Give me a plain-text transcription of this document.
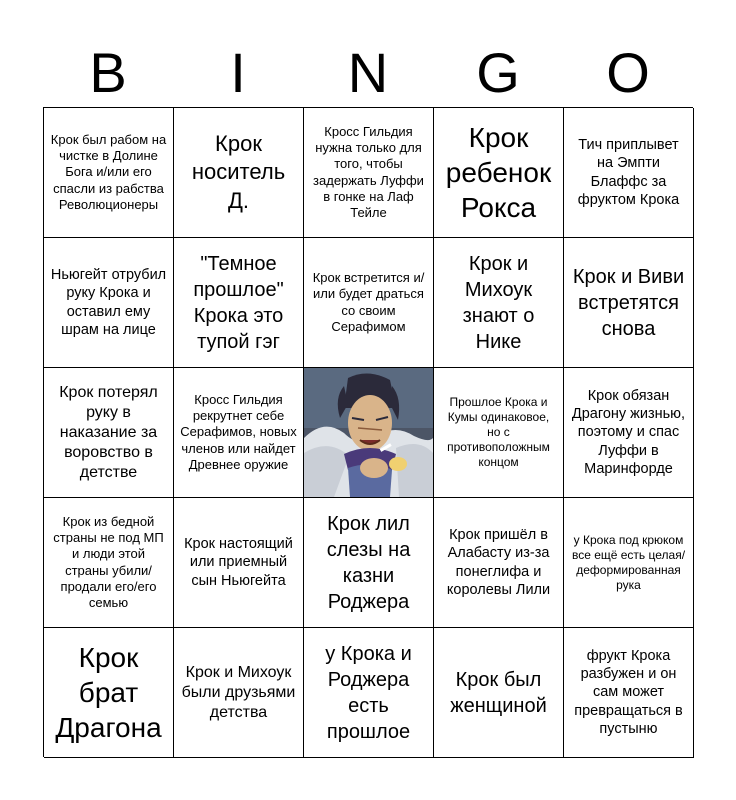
B	I	N	G	O
Крок был рабом на чистке в Долине Бога и/или его спасли из рабства Революционеры
Крок носитель Д.
Кросс Гильдия нужна только для того, чтобы задержать Луффи в гонке на Лаф Тейле
Крок ребенок Рокса
Тич приплывет на Эмпти Блаффс за фруктом Крока
Ньюгейт отрубил руку Крока и оставил ему шрам на лице
"Темное прошлое" Крока это тупой гэг
Крок встретится и/или будет драться со своим Серафимом
Крок и Михоук знают о Нике
Крок и Виви встретятся снова
Крок потерял руку в наказание за воровство в детстве
Кросс Гильдия рекрутнет себе Серафимов, новых членов или найдет Древнее оружие
Прошлое Крока и Кумы одинаковое, но с противоположным концом
Крок обязан Драгону жизнью, поэтому и спас Луффи в Маринфорде
Крок из бедной страны не под МП и люди этой страны убили/продали его/его семью
Крок настоящий или приемный сын Ньюгейта
Крок лил слезы на казни Роджера
Крок пришёл в Алабасту из-за понеглифа и королевы Лили
у Крока под крюком все ещё есть целая/деформированная рука
Крок брат Драгона
Крок и Михоук были друзьями детства
у Крока и Роджера есть прошлое
Крок был женщиной
фрукт Крока разбужен и он сам может превращаться в пустыню
